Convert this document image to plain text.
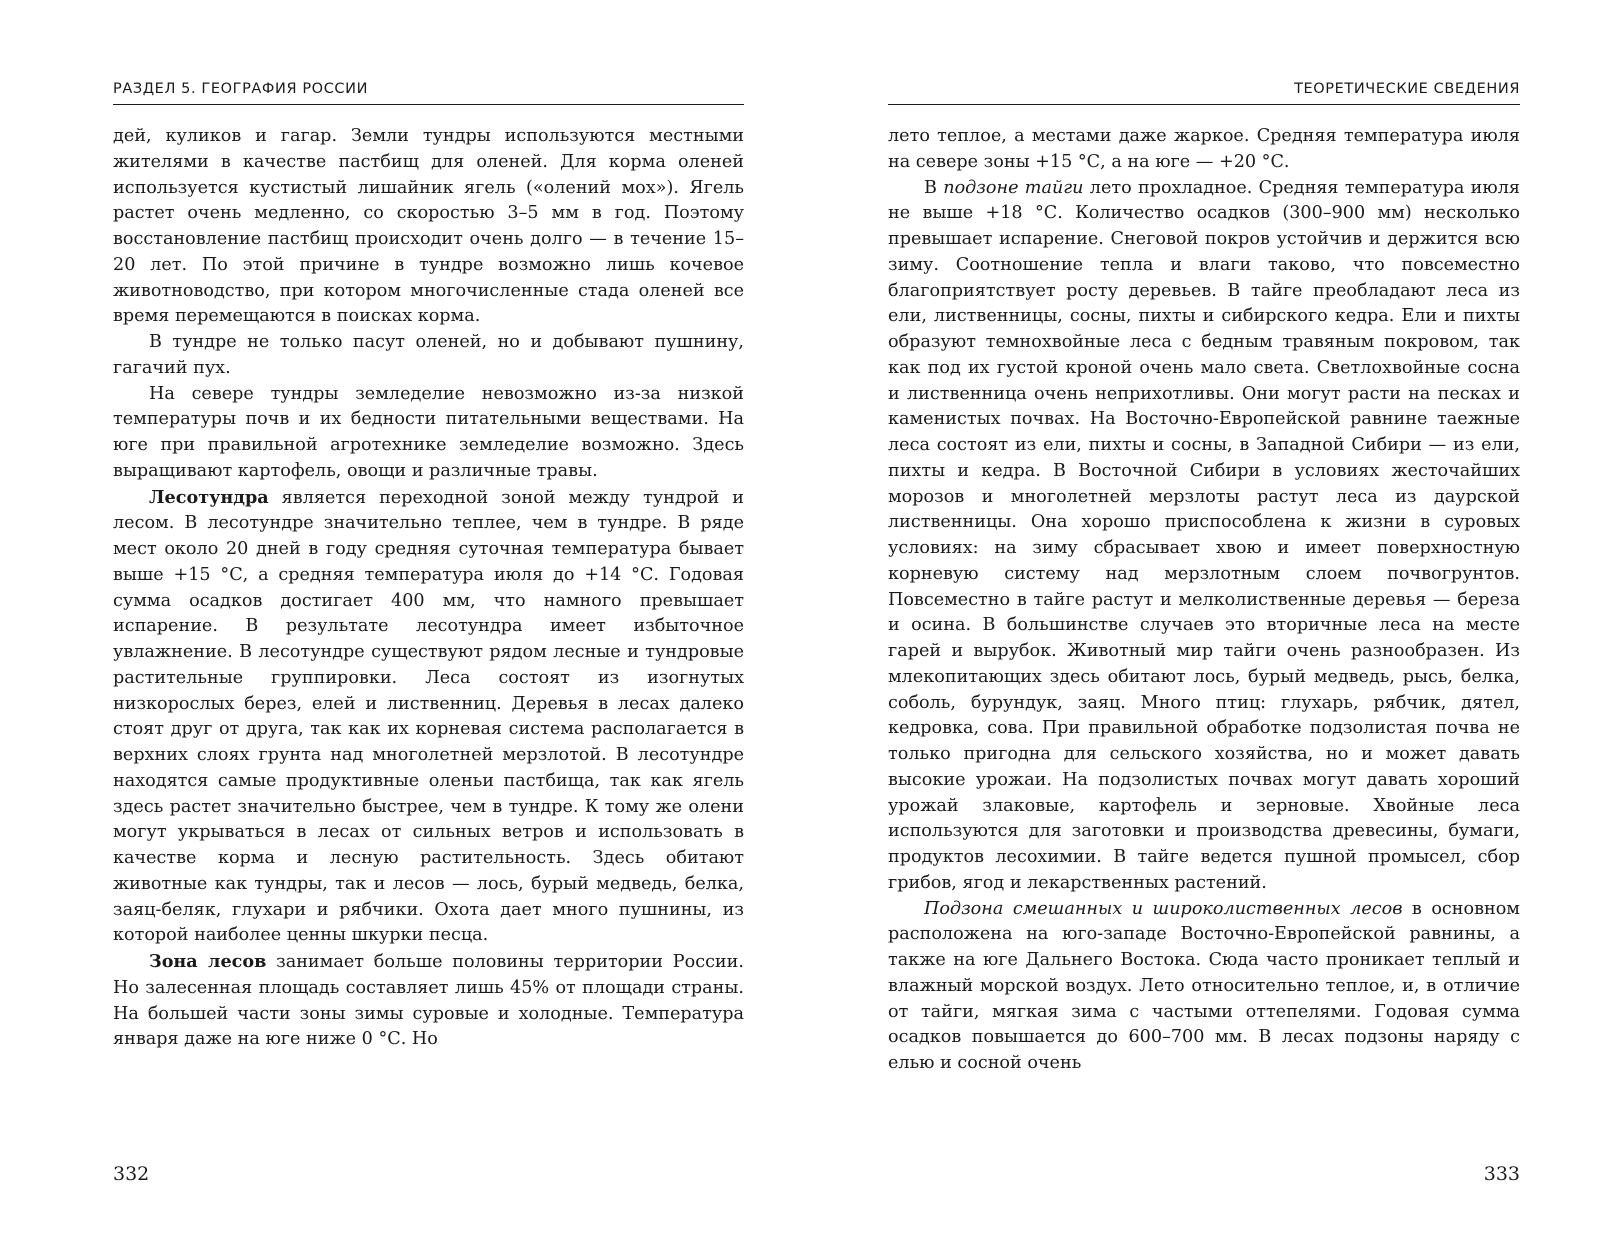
РАЗДЕЛ 5. ГЕОГРАФИЯ РОССИИ

дей, куликов и гагар. Земли тундры используются местными жителями в качестве пастбищ для оленей. Для корма оленей используется кустистый лишайник ягель («олений мох»). Ягель растет очень медленно, со скоростью 3–5 мм в год. Поэтому восстановление пастбищ происходит очень долго — в течение 15–20 лет. По этой причине в тундре возможно лишь кочевое животноводство, при котором многочисленные стада оленей все время перемещаются в поисках корма.

В тундре не только пасут оленей, но и добывают пушнину, гагачий пух.

На севере тундры земледелие невозможно из-за низкой температуры почв и их бедности питательными веществами. На юге при правильной агротехнике земледелие возможно. Здесь выращивают картофель, овощи и различные травы.

Лесотундра является переходной зоной между тундрой и лесом. В лесотундре значительно теплее, чем в тундре. В ряде мест около 20 дней в году средняя суточная температура бывает выше +15 °С, а средняя температура июля до +14 °С. Годовая сумма осадков достигает 400 мм, что намного превышает испарение. В результате лесотундра имеет избыточное увлажнение. В лесотундре существуют рядом лесные и тундровые растительные группировки. Леса состоят из изогнутых низкорослых берез, елей и лиственниц. Деревья в лесах далеко стоят друг от друга, так как их корневая система располагается в верхних слоях грунта над многолетней мерзлотой. В лесотундре находятся самые продуктивные оленьи пастбища, так как ягель здесь растет значительно быстрее, чем в тундре. К тому же олени могут укрываться в лесах от сильных ветров и использовать в качестве корма и лесную растительность. Здесь обитают животные как тундры, так и лесов — лось, бурый медведь, белка, заяц-беляк, глухари и рябчики. Охота дает много пушнины, из которой наиболее ценны шкурки песца.

Зона лесов занимает больше половины территории России. Но залесенная площадь составляет лишь 45% от площади страны. На большей части зоны зимы суровые и холодные. Температура января даже на юге ниже 0 °С. Но

332
ТЕОРЕТИЧЕСКИЕ СВЕДЕНИЯ

лето теплое, а местами даже жаркое. Средняя температура июля на севере зоны +15 °С, а на юге — +20 °С.

В подзоне тайги лето прохладное. Средняя температура июля не выше +18 °С. Количество осадков (300–900 мм) несколько превышает испарение. Снеговой покров устойчив и держится всю зиму. Соотношение тепла и влаги таково, что повсеместно благоприятствует росту деревьев. В тайге преобладают леса из ели, лиственницы, сосны, пихты и сибирского кедра. Ели и пихты образуют темнохвойные леса с бедным травяным покровом, так как под их густой кроной очень мало света. Светлохвойные сосна и лиственница очень неприхотливы. Они могут расти на песках и каменистых почвах. На Восточно-Европейской равнине таежные леса состоят из ели, пихты и сосны, в Западной Сибири — из ели, пихты и кедра. В Восточной Сибири в условиях жесточайших морозов и многолетней мерзлоты растут леса из даурской лиственницы. Она хорошо приспособлена к жизни в суровых условиях: на зиму сбрасывает хвою и имеет поверхностную корневую систему над мерзлотным слоем почвогрунтов. Повсеместно в тайге растут и мелколиственные деревья — береза и осина. В большинстве случаев это вторичные леса на месте гарей и вырубок. Животный мир тайги очень разнообразен. Из млекопитающих здесь обитают лось, бурый медведь, рысь, белка, соболь, бурундук, заяц. Много птиц: глухарь, рябчик, дятел, кедровка, сова. При правильной обработке подзолистая почва не только пригодна для сельского хозяйства, но и может давать высокие урожаи. На подзолистых почвах могут давать хороший урожай злаковые, картофель и зерновые. Хвойные леса используются для заготовки и производства древесины, бумаги, продуктов лесохимии. В тайге ведется пушной промысел, сбор грибов, ягод и лекарственных растений.

Подзона смешанных и широколиственных лесов в основном расположена на юго-западе Восточно-Европейской равнины, а также на юге Дальнего Востока. Сюда часто проникает теплый и влажный морской воздух. Лето относительно теплое, и, в отличие от тайги, мягкая зима с частыми оттепелями. Годовая сумма осадков повышается до 600–700 мм. В лесах подзоны наряду с елью и сосной очень

333
